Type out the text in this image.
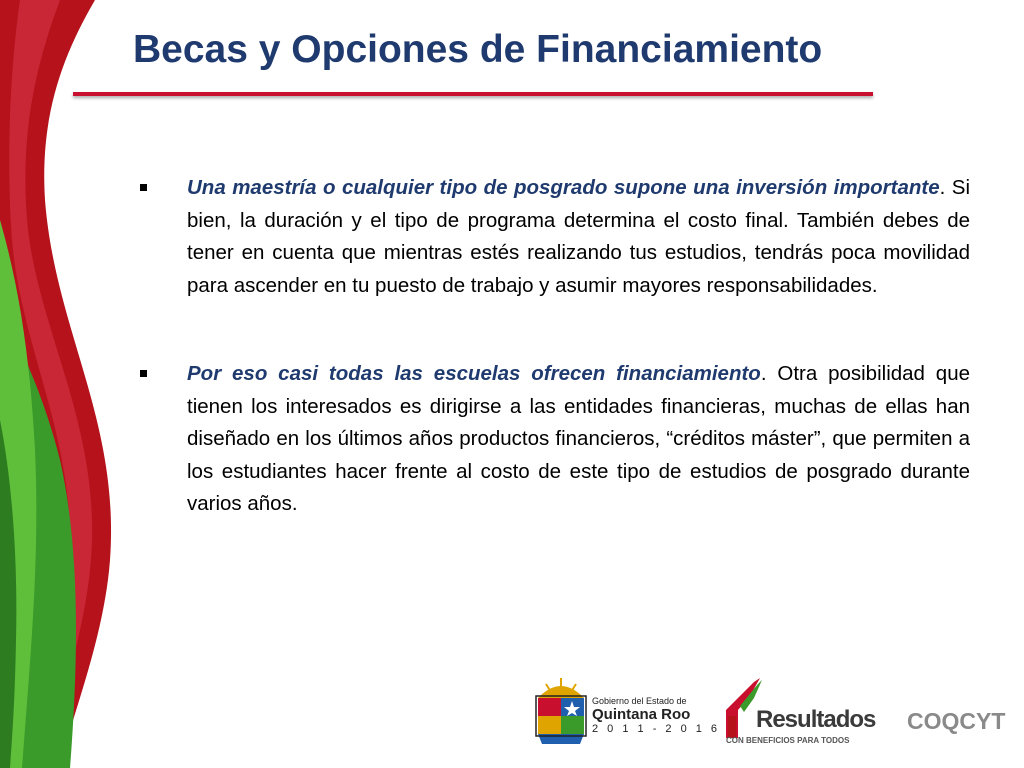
Becas y Opciones de Financiamiento
Una maestría o cualquier tipo de posgrado supone una inversión importante. Si bien, la duración y el tipo de programa determina el costo final. También debes de tener en cuenta que mientras estés realizando tus estudios, tendrás poca movilidad para ascender en tu puesto de trabajo y asumir mayores responsabilidades.
Por eso casi todas las escuelas ofrecen financiamiento. Otra posibilidad que tienen los interesados es dirigirse a las entidades financieras, muchas de ellas han diseñado en los últimos años productos financieros, “créditos máster”, que permiten a los estudiantes hacer frente al costo de este tipo de estudios de posgrado durante varios años.
Gobierno del Estado de
Quintana Roo
2 0 1 1 - 2 0 1 6 Resultados
CON BENEFICIOS PARA TODOS
COQCYT
